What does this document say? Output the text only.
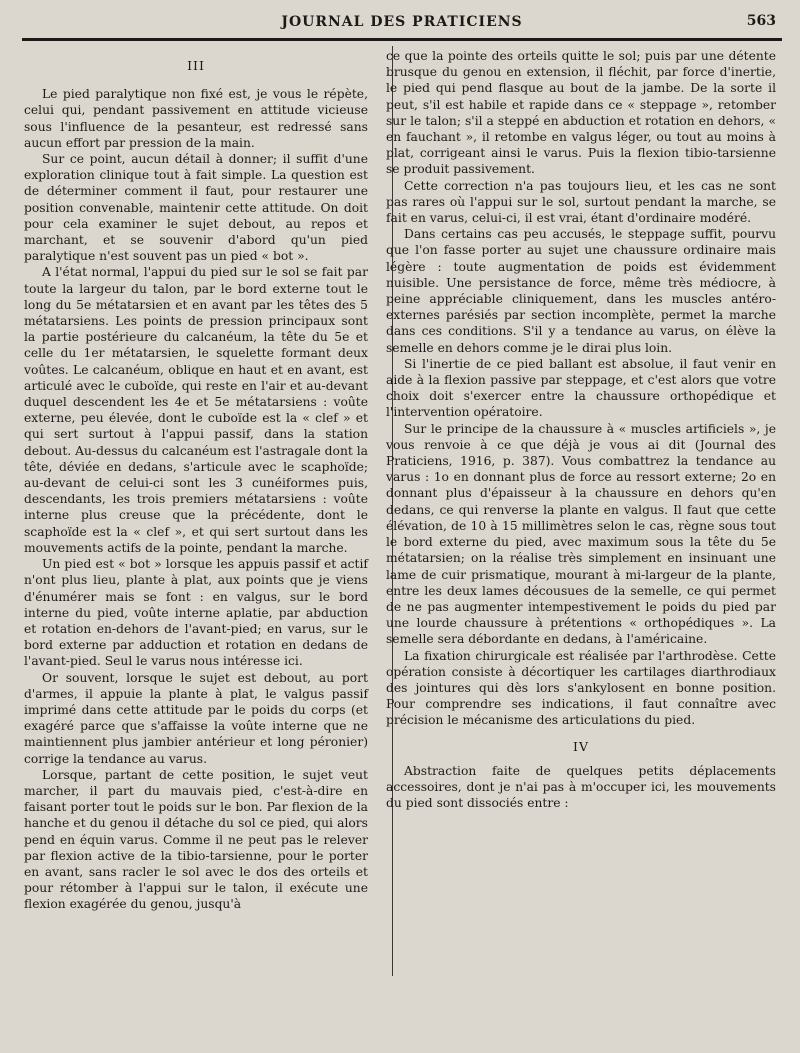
JOURNAL DES PRATICIENS	563
III

Le pied paralytique non fixé est, je vous le répète, celui qui, pendant passivement en attitude vicieuse sous l'influence de la pesanteur, est redressé sans aucun effort par pression de la main.

Sur ce point, aucun détail à donner; il suffit d'une exploration clinique tout à fait simple. La question est de déterminer comment il faut, pour restaurer une position convenable, maintenir cette attitude. On doit pour cela examiner le sujet debout, au repos et marchant, et se souvenir d'abord qu'un pied paralytique n'est souvent pas un pied « bot ».

A l'état normal, l'appui du pied sur le sol se fait par toute la largeur du talon, par le bord externe tout le long du 5e métatarsien et en avant par les têtes des 5 métatarsiens. Les points de pression principaux sont la partie postérieure du calcanéum, la tête du 5e et celle du 1er métatarsien, le squelette formant deux voûtes. Le calcanéum, oblique en haut et en avant, est articulé avec le cuboïde, qui reste en l'air et au-devant duquel descendent les 4e et 5e métatarsiens : voûte externe, peu élevée, dont le cuboïde est la « clef » et qui sert surtout à l'appui passif, dans la station debout. Au-dessus du calcanéum est l'astragale dont la tête, déviée en dedans, s'articule avec le scaphoïde; au-devant de celui-ci sont les 3 cunéiformes puis, descendants, les trois premiers métatarsiens : voûte interne plus creuse que la précédente, dont le scaphoïde est la « clef », et qui sert surtout dans les mouvements actifs de la pointe, pendant la marche.

Un pied est « bot » lorsque les appuis passif et actif n'ont plus lieu, plante à plat, aux points que je viens d'énumérer mais se font : en valgus, sur le bord interne du pied, voûte interne aplatie, par abduction et rotation en-dehors de l'avant-pied; en varus, sur le bord externe par adduction et rotation en dedans de l'avant-pied. Seul le varus nous intéresse ici.

Or souvent, lorsque le sujet est debout, au port d'armes, il appuie la plante à plat, le valgus passif imprimé dans cette attitude par le poids du corps (et exagéré parce que s'affaisse la voûte interne que ne maintiennent plus jambier antérieur et long péronier) corrige la tendance au varus.

Lorsque, partant de cette position, le sujet veut marcher, il part du mauvais pied, c'est-à-dire en faisant porter tout le poids sur le bon. Par flexion de la hanche et du genou il détache du sol ce pied, qui alors pend en équin varus. Comme il ne peut pas le relever par flexion active de la tibio-tarsienne, pour le porter en avant, sans racler le sol avec le dos des orteils et pour rétomber à l'appui sur le talon, il exécute une flexion exagérée du genou, jusqu'à

ce que la pointe des orteils quitte le sol; puis par une détente brusque du genou en extension, il fléchit, par force d'inertie, le pied qui pend flasque au bout de la jambe. De la sorte il peut, s'il est habile et rapide dans ce « steppage », retomber sur le talon; s'il a steppé en abduction et rotation en dehors, « en fauchant », il retombe en valgus léger, ou tout au moins à plat, corrigeant ainsi le varus. Puis la flexion tibio-tarsienne se produit passivement.

Cette correction n'a pas toujours lieu, et les cas ne sont pas rares où l'appui sur le sol, surtout pendant la marche, se fait en varus, celui-ci, il est vrai, étant d'ordinaire modéré.

Dans certains cas peu accusés, le steppage suffit, pourvu que l'on fasse porter au sujet une chaussure ordinaire mais légère : toute augmentation de poids est évidemment nuisible. Une persistance de force, même très médiocre, à peine appréciable cliniquement, dans les muscles antéro-externes parésiés par section incomplète, permet la marche dans ces conditions. S'il y a tendance au varus, on élève la semelle en dehors comme je le dirai plus loin.

Si l'inertie de ce pied ballant est absolue, il faut venir en aide à la flexion passive par steppage, et c'est alors que votre choix doit s'exercer entre la chaussure orthopédique et l'intervention opératoire.

Sur le principe de la chaussure à « muscles artificiels », je vous renvoie à ce que déjà je vous ai dit (Journal des Praticiens, 1916, p. 387). Vous combattrez la tendance au varus : 1o en donnant plus de force au ressort externe; 2o en donnant plus d'épaisseur à la chaussure en dehors qu'en dedans, ce qui renverse la plante en valgus. Il faut que cette élévation, de 10 à 15 millimètres selon le cas, règne sous tout le bord externe du pied, avec maximum sous la tête du 5e métatarsien; on la réalise très simplement en insinuant une lame de cuir prismatique, mourant à mi-largeur de la plante, entre les deux lames décousues de la semelle, ce qui permet de ne pas augmenter intempestivement le poids du pied par une lourde chaussure à prétentions « orthopédiques ». La semelle sera débordante en dedans, à l'américaine.

La fixation chirurgicale est réalisée par l'arthrodèse. Cette opération consiste à décortiquer les cartilages diarthrodiaux des jointures qui dès lors s'ankylosent en bonne position. Pour comprendre ses indications, il faut connaître avec précision le mécanisme des articulations du pied.

IV

Abstraction faite de quelques petits déplacements accessoires, dont je n'ai pas à m'occuper ici, les mouvements du pied sont dissociés entre :
